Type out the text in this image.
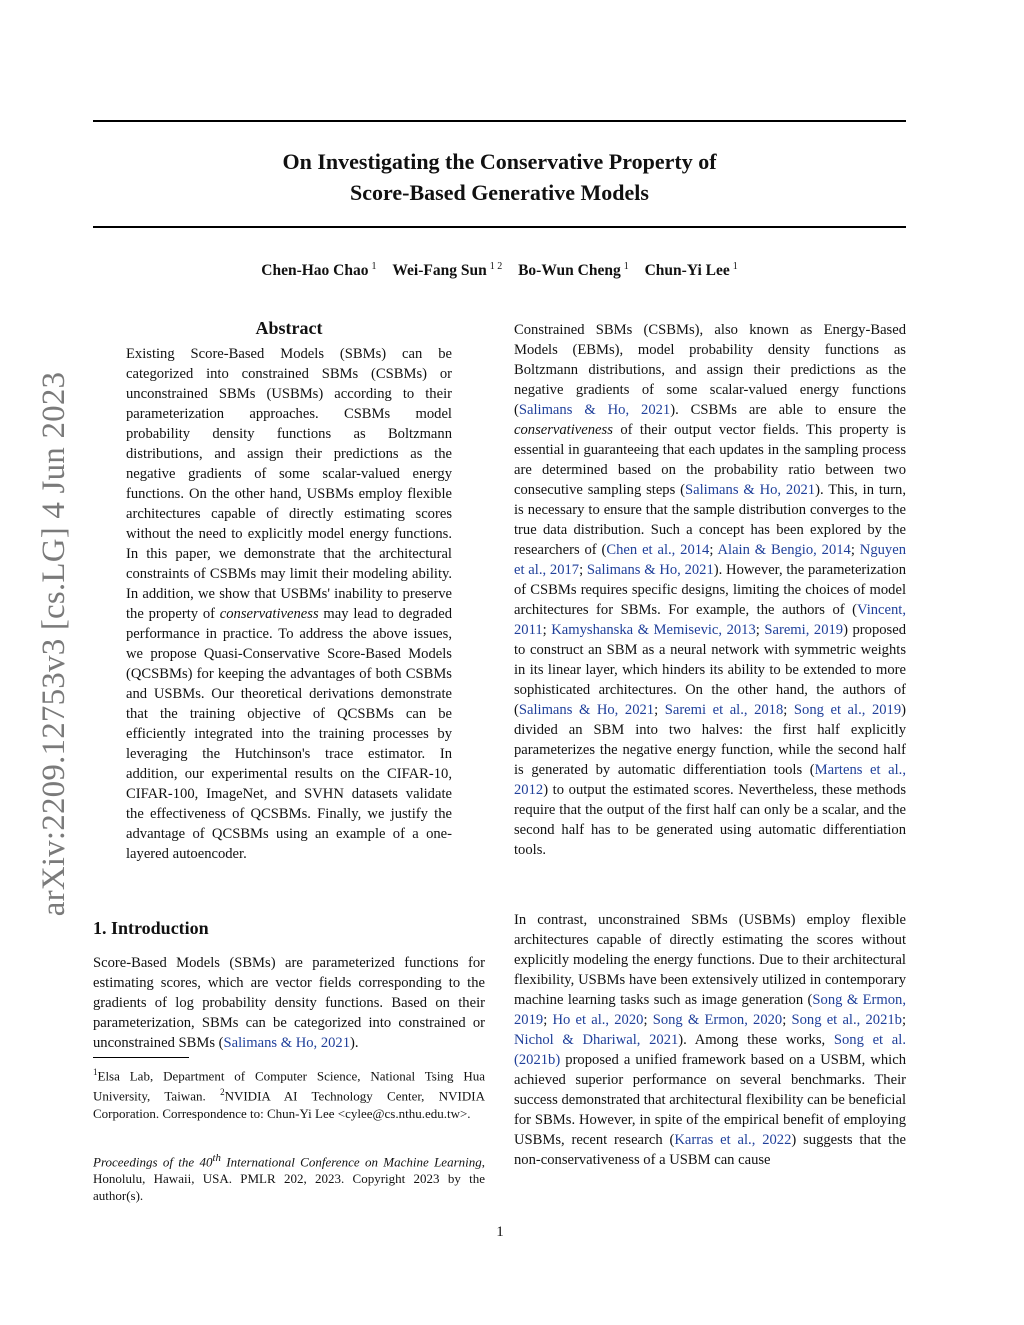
On Investigating the Conservative Property of
Score-Based Generative Models
Chen-Hao Chao $^1$ Wei-Fang Sun $^{1 2}$ Bo-Wun Cheng $^1$ Chun-Yi Lee $^1$
arXiv:2209.12753v3 [cs.LG] 4 Jun 2023
Abstract
Existing Score-Based Models (SBMs) can be categorized into constrained SBMs (CSBMs) or unconstrained SBMs (USBMs) according to their parameterization approaches. CSBMs model probability density functions as Boltzmann distributions, and assign their predictions as the negative gradients of some scalar-valued energy functions. On the other hand, USBMs employ flexible architectures capable of directly estimating scores without the need to explicitly model energy functions. In this paper, we demonstrate that the architectural constraints of CSBMs may limit their modeling ability. In addition, we show that USBMs' inability to preserve the property of conservativeness may lead to degraded performance in practice. To address the above issues, we propose Quasi-Conservative Score-Based Models (QCSBMs) for keeping the advantages of both CSBMs and USBMs. Our theoretical derivations demonstrate that the training objective of QCSBMs can be efficiently integrated into the training processes by leveraging the Hutchinson's trace estimator. In addition, our experimental results on the CIFAR-10, CIFAR-100, ImageNet, and SVHN datasets validate the effectiveness of QCSBMs. Finally, we justify the advantage of QCSBMs using an example of a one-layered autoencoder.
1. Introduction
Score-Based Models (SBMs) are parameterized functions for estimating scores, which are vector fields corresponding to the gradients of log probability density functions. Based on their parameterization, SBMs can be categorized into constrained or unconstrained SBMs (Salimans & Ho, 2021).
$^1$Elsa Lab, Department of Computer Science, National Tsing Hua University, Taiwan. $^2$NVIDIA AI Technology Center, NVIDIA Corporation. Correspondence to: Chun-Yi Lee <cylee@cs.nthu.edu.tw>.
Proceedings of the 40th International Conference on Machine Learning, Honolulu, Hawaii, USA. PMLR 202, 2023. Copyright 2023 by the author(s).
Constrained SBMs (CSBMs), also known as Energy-Based Models (EBMs), model probability density functions as Boltzmann distributions, and assign their predictions as the negative gradients of some scalar-valued energy functions (Salimans & Ho, 2021). CSBMs are able to ensure the conservativeness of their output vector fields. This property is essential in guaranteeing that each updates in the sampling process are determined based on the probability ratio between two consecutive sampling steps (Salimans & Ho, 2021). This, in turn, is necessary to ensure that the sample distribution converges to the true data distribution. Such a concept has been explored by the researchers of (Chen et al., 2014; Alain & Bengio, 2014; Nguyen et al., 2017; Salimans & Ho, 2021). However, the parameterization of CSBMs requires specific designs, limiting the choices of model architectures for SBMs. For example, the authors of (Vincent, 2011; Kamyshanska & Memisevic, 2013; Saremi, 2019) proposed to construct an SBM as a neural network with symmetric weights in its linear layer, which hinders its ability to be extended to more sophisticated architectures. On the other hand, the authors of (Salimans & Ho, 2021; Saremi et al., 2018; Song et al., 2019) divided an SBM into two halves: the first half explicitly parameterizes the negative energy function, while the second half is generated by automatic differentiation tools (Martens et al., 2012) to output the estimated scores. Nevertheless, these methods require that the output of the first half can only be a scalar, and the second half has to be generated using automatic differentiation tools.
In contrast, unconstrained SBMs (USBMs) employ flexible architectures capable of directly estimating the scores without explicitly modeling the energy functions. Due to their architectural flexibility, USBMs have been extensively utilized in contemporary machine learning tasks such as image generation (Song & Ermon, 2019; Ho et al., 2020; Song & Ermon, 2020; Song et al., 2021b; Nichol & Dhariwal, 2021). Among these works, Song et al. (2021b) proposed a unified framework based on a USBM, which achieved superior performance on several benchmarks. Their success demonstrated that architectural flexibility can be beneficial for SBMs. However, in spite of the empirical benefit of employing USBMs, recent research (Karras et al., 2022) suggests that the non-conservativeness of a USBM can cause
1
